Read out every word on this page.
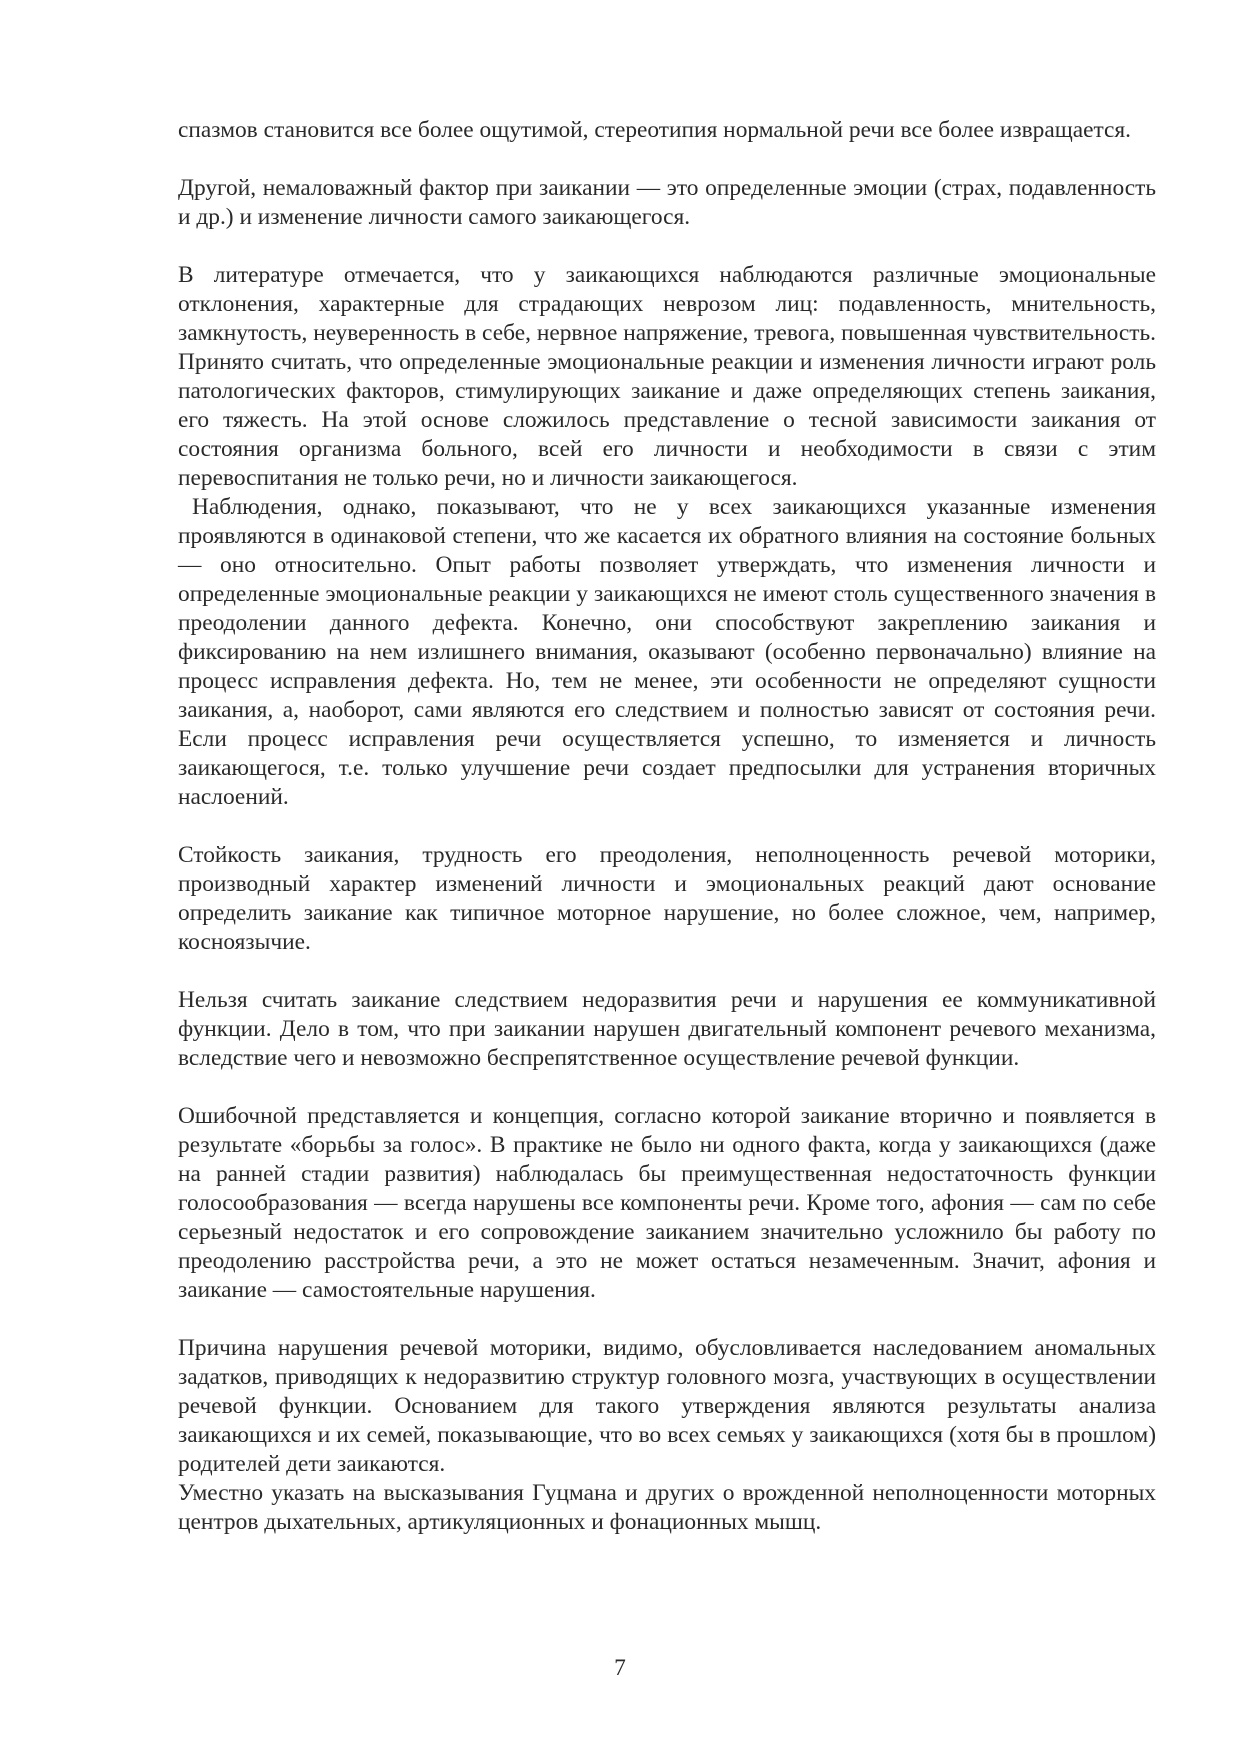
спазмов становится все более ощутимой, стереотипия нормальной речи все более извращается.

Другой, немаловажный фактор при заикании — это определенные эмоции (страх, подавленность и др.) и изменение личности самого заикающегося.

В литературе отмечается, что у заикающихся наблюдаются различные эмоциональные отклонения, характерные для страдающих неврозом лиц: подавленность, мнительность, замкнутость, неуверенность в себе, нервное напряжение, тревога, повышенная чувствительность. Принято считать, что определенные эмоциональные реакции и изменения личности играют роль патологических факторов, стимулирующих заикание и даже определяющих степень заикания, его тяжесть. На этой основе сложилось представление о тесной зависимости заикания от состояния организма больного, всей его личности и необходимости в связи с этим перевоспитания не только речи, но и личности заикающегося.

Наблюдения, однако, показывают, что не у всех заикающихся указанные изменения проявляются в одинаковой степени, что же касается их обратного влияния на состояние больных — оно относительно. Опыт работы позволяет утверждать, что изменения личности и определенные эмоциональные реакции у заикающихся не имеют столь существенного значения в преодолении данного дефекта. Конечно, они способствуют закреплению заикания и фиксированию на нем излишнего внимания, оказывают (особенно первоначально) влияние на процесс исправления дефекта. Но, тем не менее, эти особенности не определяют сущности заикания, а, наоборот, сами являются его следствием и полностью зависят от состояния речи. Если процесс исправления речи осуществляется успешно, то изменяется и личность заикающегося, т.е. только улучшение речи создает предпосылки для устранения вторичных наслоений.

Стойкость заикания, трудность его преодоления, неполноценность речевой моторики, производный характер изменений личности и эмоциональных реакций дают основание определить заикание как типичное моторное нарушение, но более сложное, чем, например, косноязычие.

Нельзя считать заикание следствием недоразвития речи и нарушения ее коммуникативной функции. Дело в том, что при заикании нарушен двигательный компонент речевого механизма, вследствие чего и невозможно беспрепятственное осуществление речевой функции.

Ошибочной представляется и концепция, согласно которой заикание вторично и появляется в результате «борьбы за голос». В практике не было ни одного факта, когда у заикающихся (даже на ранней стадии развития) наблюдалась бы преимущественная недостаточность функции голосообразования — всегда нарушены все компоненты речи. Кроме того, афония — сам по себе серьезный недостаток и его сопровождение заиканием значительно усложнило бы работу по преодолению расстройства речи, а это не может остаться незамеченным. Значит, афония и заикание — самостоятельные нарушения.

Причина нарушения речевой моторики, видимо, обусловливается наследованием аномальных задатков, приводящих к недоразвитию структур головного мозга, участвующих в осуществлении речевой функции. Основанием для такого утверждения являются результаты анализа заикающихся и их семей, показывающие, что во всех семьях у заикающихся (хотя бы в прошлом) родителей дети заикаются.

Уместно указать на высказывания Гуцмана и других о врожденной неполноценности моторных центров дыхательных, артикуляционных и фонационных мышц.

7
